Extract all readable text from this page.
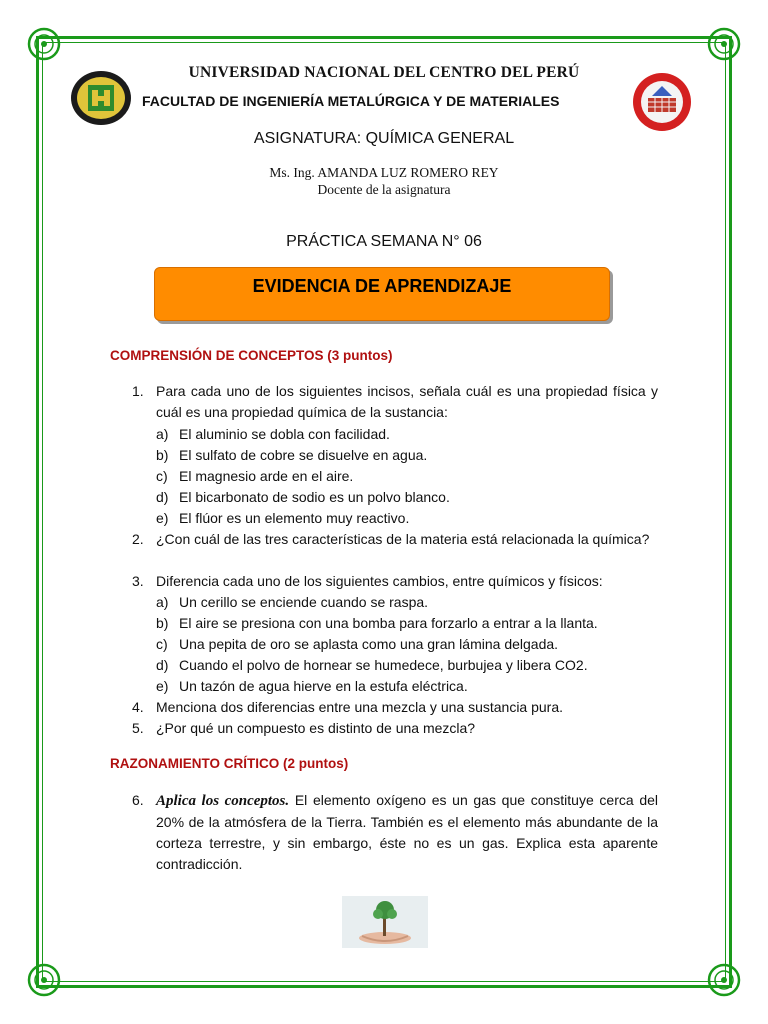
UNIVERSIDAD NACIONAL DEL CENTRO DEL PERÚ
FACULTAD DE INGENIERÍA METALÚRGICA Y DE MATERIALES
ASIGNATURA: QUÍMICA GENERAL
Ms. Ing. AMANDA LUZ ROMERO REY
Docente de la asignatura
PRÁCTICA SEMANA N° 06
EVIDENCIA DE APRENDIZAJE
COMPRENSIÓN DE CONCEPTOS (3 puntos)
1. Para cada uno de los siguientes incisos, señala cuál es una propiedad física y cuál es una propiedad química de la sustancia:
a) El aluminio se dobla con facilidad.
b) El sulfato de cobre se disuelve en agua.
c) El magnesio arde en el aire.
d) El bicarbonato de sodio es un polvo blanco.
e) El flúor es un elemento muy reactivo.
2. ¿Con cuál de las tres características de la materia está relacionada la química?
3. Diferencia cada uno de los siguientes cambios, entre químicos y físicos:
a) Un cerillo se enciende cuando se raspa.
b) El aire se presiona con una bomba para forzarlo a entrar a la llanta.
c) Una pepita de oro se aplasta como una gran lámina delgada.
d) Cuando el polvo de hornear se humedece, burbujea y libera CO2.
e) Un tazón de agua hierve en la estufa eléctrica.
4. Menciona dos diferencias entre una mezcla y una sustancia pura.
5. ¿Por qué un compuesto es distinto de una mezcla?
RAZONAMIENTO CRÍTICO (2 puntos)
6. Aplica los conceptos. El elemento oxígeno es un gas que constituye cerca del 20% de la atmósfera de la Tierra. También es el elemento más abundante de la corteza terrestre, y sin embargo, éste no es un gas. Explica esta aparente contradicción.
